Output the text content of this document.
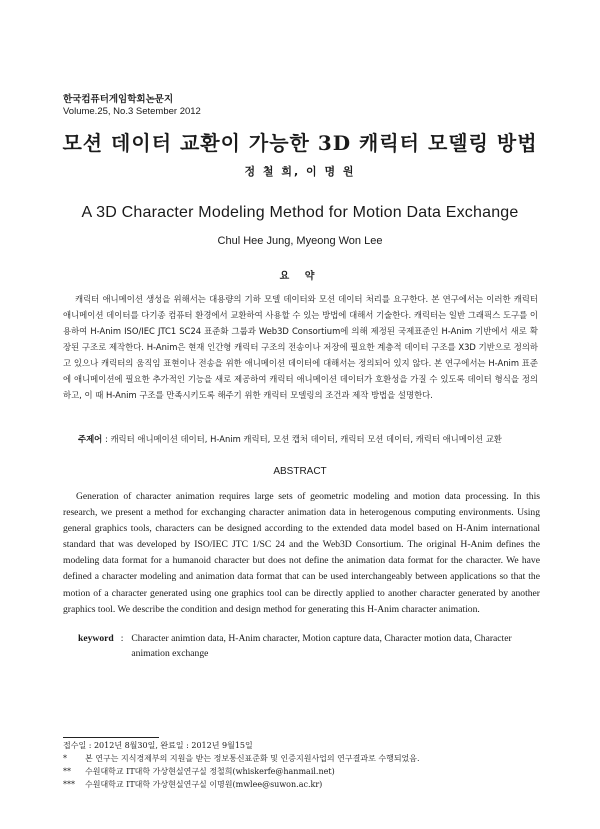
한국컴퓨터게임학회논문지
Volume.25, No.3 Setember 2012
모션 데이터 교환이 가능한 3D 캐릭터 모델링 방법
정 철 희, 이 명 원
A 3D Character Modeling Method for Motion Data Exchange
Chul Hee Jung, Myeong Won Lee
요 약

캐릭터 애니메이션 생성을 위해서는 대용량의 기하 모델 데이터와 모션 데이터 처리를 요구한다. 본 연구에서는 이러한 캐릭터 애니메이션 데이터를 다기종 컴퓨터 환경에서 교환하여 사용할 수 있는 방법에 대해서 기술한다. 캐릭터는 일반 그래픽스 도구를 이용하여 H-Anim ISO/IEC JTC1 SC24 표준화 그룹과 Web3D Consortium에 의해 제정된 국제표준인 H-Anim 기반에서 새로 확장된 구조로 제작한다. H-Anim은 현재 인간형 캐릭터 구조의 전송이나 저장에 필요한 계층적 데이터 구조를 X3D 기반으로 정의하고 있으나 캐릭터의 움직임 표현이나 전송을 위한 애니메이션 데이터에 대해서는 정의되어 있지 않다. 본 연구에서는 H-Anim 표준에 애니메이션에 필요한 추가적인 기능을 새로 제공하여 캐릭터 애니메이션 데이터가 호환성을 가질 수 있도록 데이터 형식을 정의하고, 이 때 H-Anim 구조를 만족시키도록 해주기 위한 캐릭터 모델링의 조건과 제작 방법을 설명한다.

주제어 : 캐릭터 애니메이션 데이터, H-Anim 캐릭터, 모션 캡처 데이터, 캐릭터 모션 데이터, 캐릭터 애니메이션 교환
ABSTRACT

Generation of character animation requires large sets of geometric modeling and motion data processing. In this research, we present a method for exchanging character animation data in heterogenous computing environments. Using general graphics tools, characters can be designed according to the extended data model based on H-Anim international standard that was developed by ISO/IEC JTC 1/SC 24 and the Web3D Consortium. The original H-Anim defines the modeling data format for a humanoid character but does not define the animation data format for the character. We have defined a character modeling and animation data format that can be used interchangeably between applications so that the motion of a character generated using one graphics tool can be directly applied to another character generated by another graphics tool. We describe the condition and design method for generating this H-Anim character animation.

keyword : Character animtion data, H-Anim character, Motion capture data, Character motion data, Character animation exchange
접수일 : 2012년 8월30일, 완료일 : 2012년 9월15일
*	본 연구는 지식경제부의 지원을 받는 정보통신표준화 및 인증지원사업의 연구결과로 수행되었음.
**	수원대학교 IT대학 가상현실연구실 정철희(whiskerfe@hanmail.net)
***	수원대학교 IT대학 가상현실연구실 이명원(mwlee@suwon.ac.kr)
